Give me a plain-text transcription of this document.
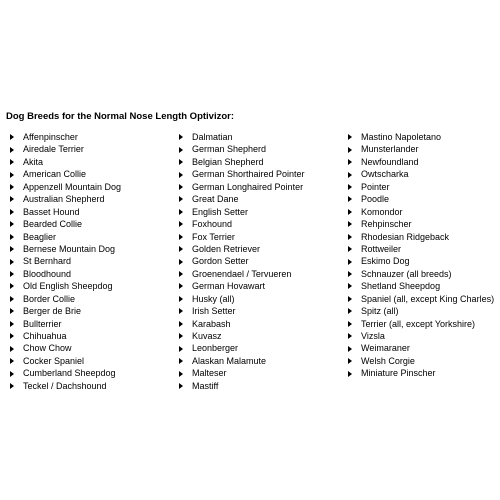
Dog Breeds for the Normal Nose Length Optivizor:
Affenpinscher
Airedale Terrier
Akita
American Collie
Appenzell Mountain Dog
Australian Shepherd
Basset Hound
Bearded Collie
Beaglier
Bernese Mountain Dog
St Bernhard
Bloodhound
Old English Sheepdog
Border Collie
Berger de Brie
Bullterrier
Chihuahua
Chow Chow
Cocker Spaniel
Cumberland Sheepdog
Teckel / Dachshound
Dalmatian
German Shepherd
Belgian Shepherd
German Shorthaired Pointer
German Longhaired Pointer
Great Dane
English Setter
Foxhound
Fox Terrier
Golden Retriever
Gordon Setter
Groenendael / Tervueren
German Hovawart
Husky (all)
Irish Setter
Karabash
Kuvasz
Leonberger
Alaskan Malamute
Malteser
Mastiff
Mastino Napoletano
Munsterlander
Newfoundland
Owtscharka
Pointer
Poodle
Komondor
Rehpinscher
Rhodesian Ridgeback
Rottweiler
Eskimo Dog
Schnauzer (all breeds)
Shetland Sheepdog
Spaniel (all, except King Charles)
Spitz (all)
Terrier (all, except Yorkshire)
Vizsla
Weimaraner
Welsh Corgie
Miniature Pinscher
